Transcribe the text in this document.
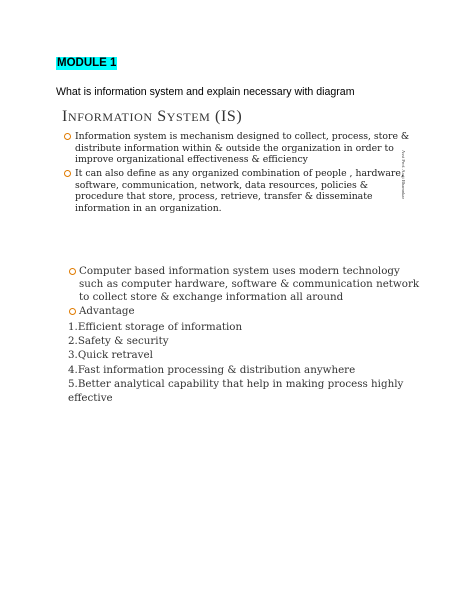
MODULE 1
What is information system and explain necessary with diagram
INFORMATION SYSTEM (IS)
Information system is mechanism designed to collect, process, store & distribute information within & outside the organization in order to improve organizational effectiveness & efficiency
It can also define as any organized combination of people , hardware, software, communication, network, data resources, policies & procedure that store, process, retrieve, transfer & disseminate information in an organization.
Asst Prof. Aarti Bhamnkar
Computer based information system uses modern technology such as computer hardware, software & communication network to collect store & exchange information all around
Advantage
1.Efficient storage of information
2.Safety & security
3.Quick retravel
4.Fast information processing & distribution anywhere
5.Better analytical capability that help in making process highly effective
